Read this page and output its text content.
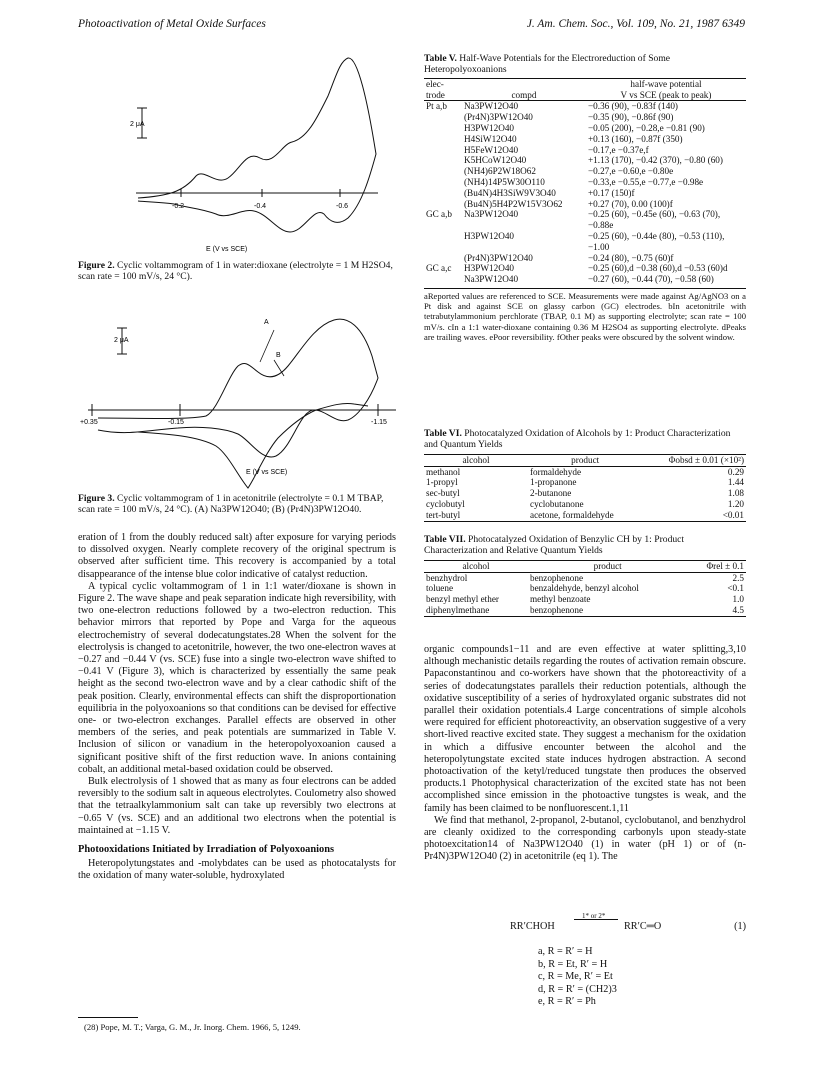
Photoactivation of Metal Oxide Surfaces	J. Am. Chem. Soc., Vol. 109, No. 21, 1987 6349
2 μA
-0.2	-0.4	-0.6
E (V vs SCE)
Figure 2. Cyclic voltammogram of 1 in water:dioxane (electrolyte = 1 M H2SO4, scan rate = 100 mV/s, 24 °C).
2 μA
+0.35	-0.15	-1.15
A
B
E (V vs SCE)
Figure 3. Cyclic voltammogram of 1 in acetonitrile (electrolyte = 0.1 M TBAP, scan rate = 100 mV/s, 24 °C). (A) Na3PW12O40; (B) (Pr4N)3PW12O40.

eration of 1 from the doubly reduced salt) after exposure for varying periods to dissolved oxygen. Nearly complete recovery of the original spectrum is observed after sufficient time. This recovery is accompanied by a total disappearance of the intense blue color indicative of catalyst reduction.

A typical cyclic voltammogram of 1 in 1:1 water/dioxane is shown in Figure 2. The wave shape and peak separation indicate high reversibility, with two one-electron reductions followed by a two-electron reduction. This behavior mirrors that reported by Pope and Varga for the aqueous electrochemistry of several dodecatungstates.28 When the solvent for the electrolysis is changed to acetonitrile, however, the two one-electron waves at −0.27 and −0.44 V (vs. SCE) fuse into a single two-electron wave shifted to −0.41 V (Figure 3), which is characterized by essentially the same peak height as the second two-electron wave and by a clear cathodic shift of the peak position. Clearly, environmental effects can shift the disproportionation equilibria in the polyoxoanions so that conditions can be devised for effective one- or two-electron exchanges. Parallel effects are observed in other members of the series, and peak potentials are summarized in Table V. Inclusion of silicon or vanadium in the heteropolyoxoanion caused a significant positive shift of the first reduction wave. In anions containing cobalt, an additional metal-based oxidation could be observed.

Bulk electrolysis of 1 showed that as many as four electrons can be added reversibly to the sodium salt in aqueous electrolytes. Coulometry also showed that the tetraalkylammonium salt can take up reversibly two electrons at −0.65 V (vs. SCE) and an additional two electrons when the potential is maintained at −1.15 V.

Photooxidations Initiated by Irradiation of Polyoxoanions

Heteropolytungstates and -molybdates can be used as photocatalysts for the oxidation of many water-soluble, hydroxylated

(28) Pope, M. T.; Varga, G. M., Jr. Inorg. Chem. 1966, 5, 1249.
Table V. Half-Wave Potentials for the Electroreduction of Some Heteropolyoxoanions
elec-		half-wave potential
trode	compd	V vs SCE (peak to peak)
Pt a,b	Na3PW12O40	−0.36 (90), −0.83f (140)
	(Pr4N)3PW12O40	−0.35 (90), −0.86f (90)
	H3PW12O40	−0.05 (200), −0.28,e −0.81 (90)
	H4SiW12O40	+0.13 (160), −0.87f (350)
	H5FeW12O40	−0.17,e −0.37e,f
	K5HCoW12O40	+1.13 (170), −0.42 (370), −0.80 (60)
	(NH4)6P2W18O62	−0.27,e −0.60,e −0.80e
	(NH4)14P5W30O110	−0.33,e −0.55,e −0.77,e −0.98e
	(Bu4N)4H3SiW9V3O40	+0.17 (150)f
	(Bu4N)5H4P2W15V3O62	+0.27 (70), 0.00 (100)f
GC a,b	Na3PW12O40	−0.25 (60), −0.45e (60), −0.63 (70), −0.88e
	H3PW12O40	−0.25 (60), −0.44e (80), −0.53 (110), −1.00
	(Pr4N)3PW12O40	−0.24 (80), −0.75 (60)f
GC a,c	H3PW12O40	−0.25 (60),d −0.38 (60),d −0.53 (60)d
	Na3PW12O40	−0.27 (60), −0.44 (70), −0.58 (60)
aReported values are referenced to SCE. Measurements were made against Ag/AgNO3 on a Pt disk and against SCE on glassy carbon (GC) electrodes. bIn acetonitrile with tetrabutylammonium perchlorate (TBAP, 0.1 M) as supporting electrolyte; scan rate = 100 mV/s. cIn a 1:1 water-dioxane containing 0.36 M H2SO4 as supporting electrolyte. dPeaks are trailing waves. ePoor reversibility. fOther peaks were obscured by the solvent window.
Table VI. Photocatalyzed Oxidation of Alcohols by 1: Product Characterization and Quantum Yields
alcohol	product	Φobsd ± 0.01 (×10²)
methanol	formaldehyde	0.29
1-propyl	1-propanone	1.44
sec-butyl	2-butanone	1.08
cyclobutyl	cyclobutanone	1.20
tert-butyl	acetone, formaldehyde	<0.01
Table VII. Photocatalyzed Oxidation of Benzylic CH by 1: Product Characterization and Relative Quantum Yields
alcohol	product	Φrel ± 0.1
benzhydrol	benzophenone	2.5
toluene	benzaldehyde, benzyl alcohol	<0.1
benzyl methyl ether	methyl benzoate	1.0
diphenylmethane	benzophenone	4.5

organic compounds1−11 and are even effective at water splitting,3,10 although mechanistic details regarding the routes of activation remain obscure. Papaconstantinou and co-workers have shown that the photoreactivity of a series of dodecatungstates parallels their reduction potentials, although the oxidative susceptibility of a series of hydroxylated organic substrates did not parallel their oxidation potentials.4 Large concentrations of simple alcohols were required for efficient photoreactivity, an observation suggestive of a very short-lived reactive excited state. They suggest a mechanism for the oxidation in which a diffusive encounter between the alcohol and the heteropolytungstate excited state induces hydrogen abstraction. A second photoactivation of the ketyl/reduced tungstate then produces the observed products.1 Photophysical characterization of the excited state has not been accomplished since emission in the photoactive tungstes is weak, and the family has been claimed to be nonfluorescent.1,11

We find that methanol, 2-propanol, 2-butanol, cyclobutanol, and benzhydrol are cleanly oxidized to the corresponding carbonyls upon steady-state photoexcitation14 of Na3PW12O40 (1) in water (pH 1) or of (n-Pr4N)3PW12O40 (2) in acetonitrile (eq 1). The

RR′CHOH
1* or 2*
RR′C═O	(1)
a, R = R′ = H
b, R = Et, R′ = H
c, R = Me, R′ = Et
d, R = R′ = (CH2)3
e, R = R′ = Ph
